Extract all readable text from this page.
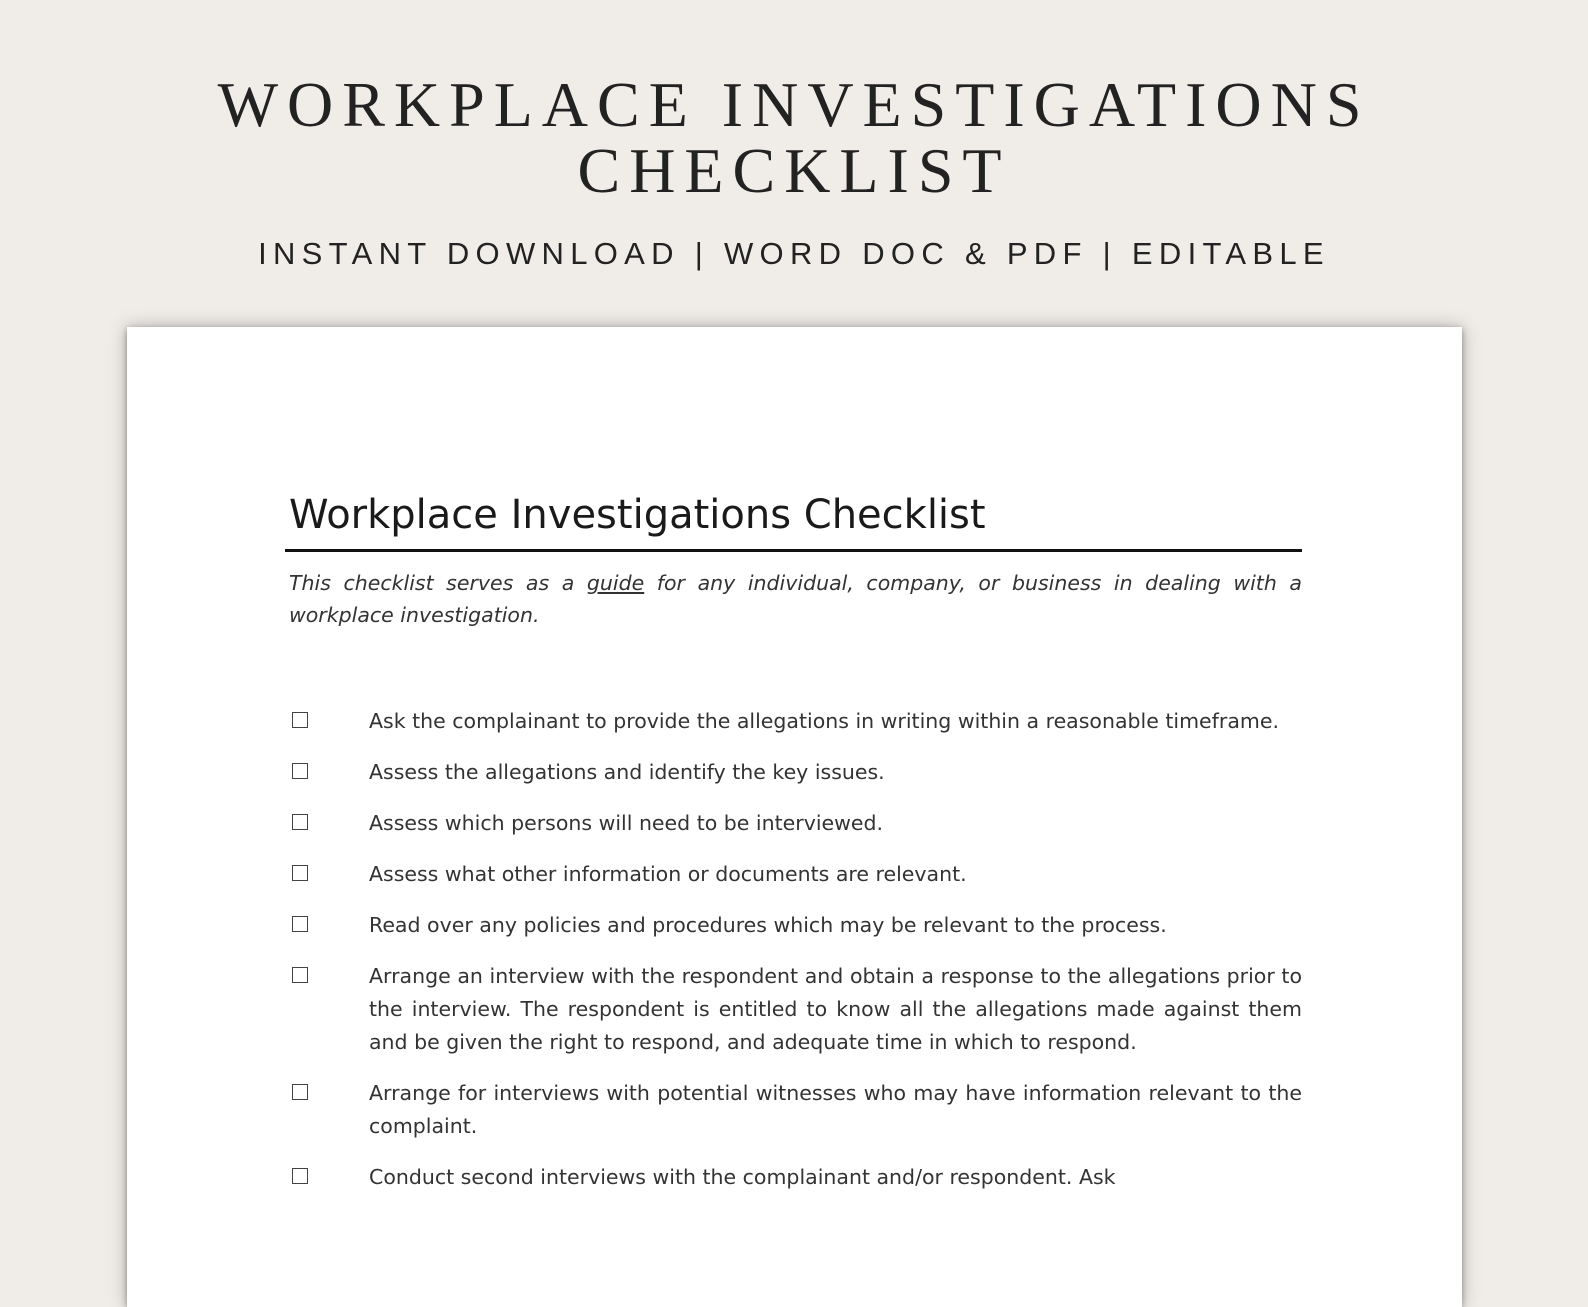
WORKPLACE INVESTIGATIONS
CHECKLIST
INSTANT DOWNLOAD | WORD DOC & PDF | EDITABLE
Workplace Investigations Checklist

This checklist serves as a guide for any individual, company, or business in dealing with a workplace investigation.

Ask the complainant to provide the allegations in writing within a reasonable timeframe.
Assess the allegations and identify the key issues.
Assess which persons will need to be interviewed.
Assess what other information or documents are relevant.
Read over any policies and procedures which may be relevant to the process.
Arrange an interview with the respondent and obtain a response to the allegations prior to the interview. The respondent is entitled to know all the allegations made against them and be given the right to respond, and adequate time in which to respond.
Arrange for interviews with potential witnesses who may have information relevant to the complaint.
Conduct second interviews with the complainant and/or respondent. Ask
